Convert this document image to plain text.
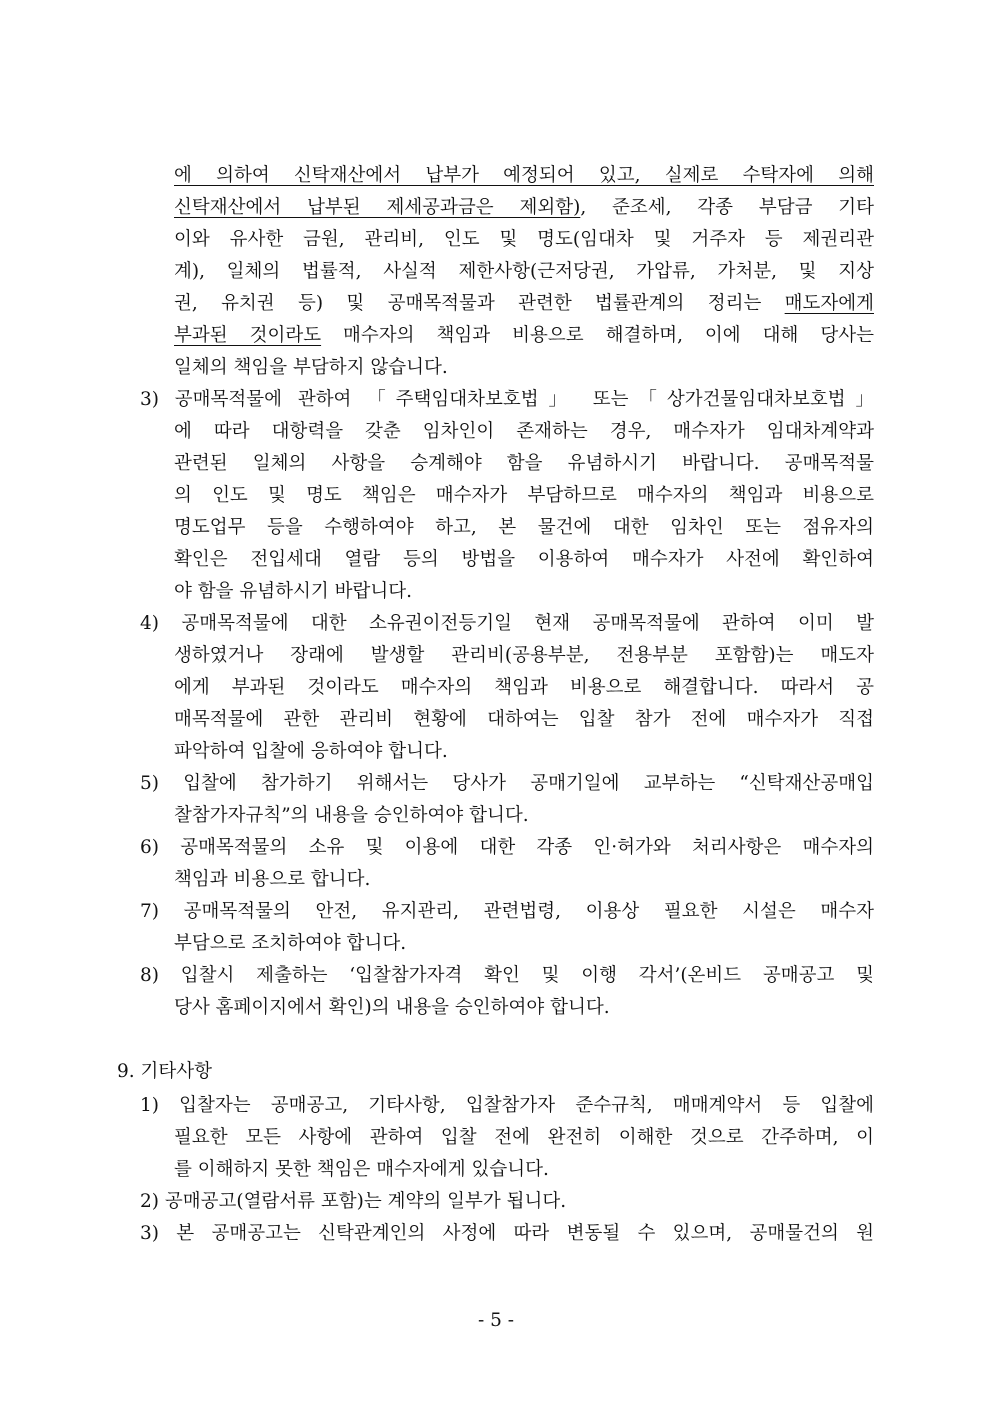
에 의하여 신탁재산에서 납부가 예정되어 있고, 실제로 수탁자에 의해
신탁재산에서 납부된 제세공과금은 제외함), 준조세, 각종 부담금 기타
이와 유사한 금원, 관리비, 인도 및 명도(임대차 및 거주자 등 제권리관
계), 일체의 법률적, 사실적 제한사항(근저당권, 가압류, 가처분, 및 지상
권, 유치권 등) 및 공매목적물과 관련한 법률관계의 정리는 매도자에게
부과된 것이라도 매수자의 책임과 비용으로 해결하며, 이에 대해 당사는
일체의 책임을 부담하지 않습니다.
3) 공매목적물에 관하여 「주택임대차보호법」 또는「상가건물임대차보호법」
에 따라 대항력을 갖춘 임차인이 존재하는 경우, 매수자가 임대차계약과
관련된 일체의 사항을 승계해야 함을 유념하시기 바랍니다. 공매목적물
의 인도 및 명도 책임은 매수자가 부담하므로 매수자의 책임과 비용으로
명도업무 등을 수행하여야 하고, 본 물건에 대한 임차인 또는 점유자의
확인은 전입세대 열람 등의 방법을 이용하여 매수자가 사전에 확인하여
야 함을 유념하시기 바랍니다.
4) 공매목적물에 대한 소유권이전등기일 현재 공매목적물에 관하여 이미 발
생하였거나 장래에 발생할 관리비(공용부분, 전용부분 포함함)는 매도자
에게 부과된 것이라도 매수자의 책임과 비용으로 해결합니다. 따라서 공
매목적물에 관한 관리비 현황에 대하여는 입찰 참가 전에 매수자가 직접
파악하여 입찰에 응하여야 합니다.
5) 입찰에 참가하기 위해서는 당사가 공매기일에 교부하는 “신탁재산공매입
찰참가자규칙”의 내용을 승인하여야 합니다.
6) 공매목적물의 소유 및 이용에 대한 각종 인·허가와 처리사항은 매수자의
책임과 비용으로 합니다.
7) 공매목적물의 안전, 유지관리, 관련법령, 이용상 필요한 시설은 매수자
부담으로 조치하여야 합니다.
8) 입찰시 제출하는 ‘입찰참가자격 확인 및 이행 각서’(온비드 공매공고 및
당사 홈페이지에서 확인)의 내용을 승인하여야 합니다.
9. 기타사항
1) 입찰자는 공매공고, 기타사항, 입찰참가자 준수규칙, 매매계약서 등 입찰에
필요한 모든 사항에 관하여 입찰 전에 완전히 이해한 것으로 간주하며, 이
를 이해하지 못한 책임은 매수자에게 있습니다.
2) 공매공고(열람서류 포함)는 계약의 일부가 됩니다.
3) 본 공매공고는 신탁관계인의 사정에 따라 변동될 수 있으며, 공매물건의 원
- 5 -
